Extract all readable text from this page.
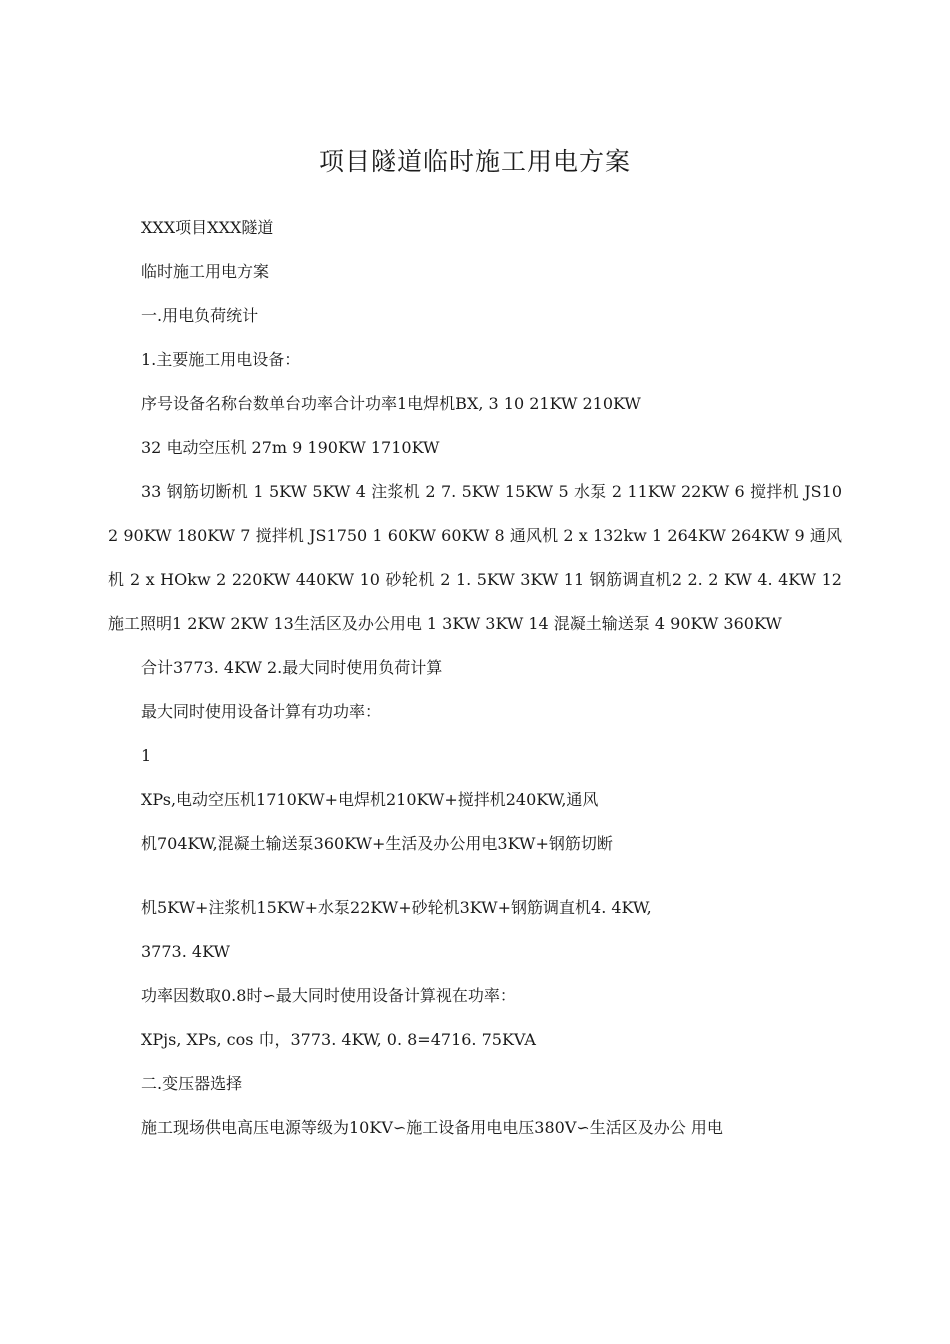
项目隧道临时施工用电方案

XXX项目XXX隧道

临时施工用电方案

一.用电负荷统计

1.主要施工用电设备：

序号设备名称台数单台功率合计功率1电焊机BX, 3 10 21KW 210KW

32 电动空压机 27m 9 190KW 1710KW

33 钢筋切断机 1 5KW 5KW 4 注浆机 2 7. 5KW 15KW 5 水泵 2 11KW 22KW 6 搅拌机 JS10 2 90KW 180KW 7 搅拌机 JS1750 1 60KW 60KW 8 通风机 2 x 132kw 1 264KW 264KW 9 通风机 2 x HOkw 2 220KW 440KW 10 砂轮机 2 1. 5KW 3KW 11 钢筋调直机2 2. 2 KW 4. 4KW 12施工照明1 2KW 2KW 13生活区及办公用电 1 3KW 3KW 14 混凝土输送泵 4 90KW 360KW

合计3773. 4KW 2.最大同时使用负荷计算

最大同时使用设备计算有功功率：

1

XPs,电动空压机1710KW+电焊机210KW+搅拌机240KW,通风

机704KW,混凝土输送泵360KW+生活及办公用电3KW+钢筋切断

机5KW+注浆机15KW+水泵22KW+砂轮机3KW+钢筋调直机4. 4KW,

3773. 4KW

功率因数取0.8时∽最大同时使用设备计算视在功率：

XPjs, XPs, cos 巾，3773. 4KW, 0. 8=4716. 75KVA

二.变压器选择

施工现场供电高压电源等级为10KV∽施工设备用电电压380V∽生活区及办公 用电
